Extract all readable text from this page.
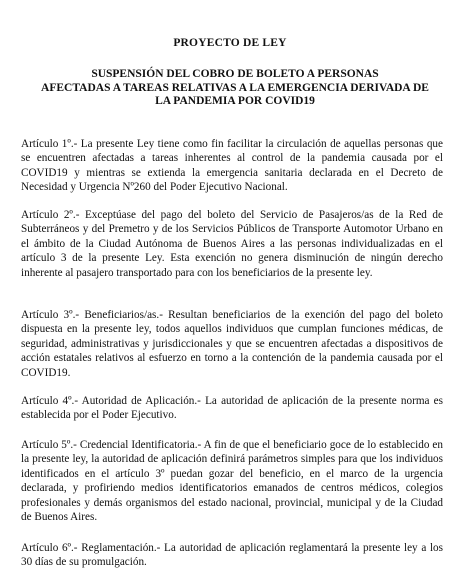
PROYECTO DE LEY
SUSPENSIÓN DEL COBRO DE BOLETO A PERSONAS
AFECTADAS A TAREAS RELATIVAS A LA EMERGENCIA DERIVADA DE
LA PANDEMIA POR COVID19

Artículo 1º.- La presente Ley tiene como fin facilitar la circulación de aquellas personas que se encuentren afectadas a tareas inherentes al control de la pandemia causada por el COVID19 y mientras se extienda la emergencia sanitaria declarada en el Decreto de Necesidad y Urgencia Nº260 del Poder Ejecutivo Nacional.

Artículo 2º.- Exceptúase del pago del boleto del Servicio de Pasajeros/as de la Red de Subterráneos y del Premetro y de los Servicios Públicos de Transporte Automotor Urbano en el ámbito de la Ciudad Autónoma de Buenos Aires a las personas individualizadas en el artículo 3 de la presente Ley. Esta exención no genera disminución de ningún derecho inherente al pasajero transportado para con los beneficiarios de la presente ley.

Artículo 3º.- Beneficiarios/as.- Resultan beneficiarios de la exención del pago del boleto dispuesta en la presente ley, todos aquellos individuos que cumplan funciones médicas, de seguridad, administrativas y jurisdiccionales y que se encuentren afectadas a dispositivos de acción estatales relativos al esfuerzo en torno a la contención de la pandemia causada por el COVID19.

Artículo 4º.- Autoridad de Aplicación.- La autoridad de aplicación de la presente norma es establecida por el Poder Ejecutivo.

Artículo 5º.- Credencial Identificatoria.- A fin de que el beneficiario goce de lo establecido en la presente ley, la autoridad de aplicación definirá parámetros simples para que los individuos identificados en el artículo 3º puedan gozar del beneficio, en el marco de la urgencia declarada, y profiriendo medios identificatorios emanados de centros médicos, colegios profesionales y demás organismos del estado nacional, provincial, municipal y de la Ciudad de Buenos Aires.

Artículo 6º.- Reglamentación.- La autoridad de aplicación reglamentará la presente ley a los 30 días de su promulgación.
